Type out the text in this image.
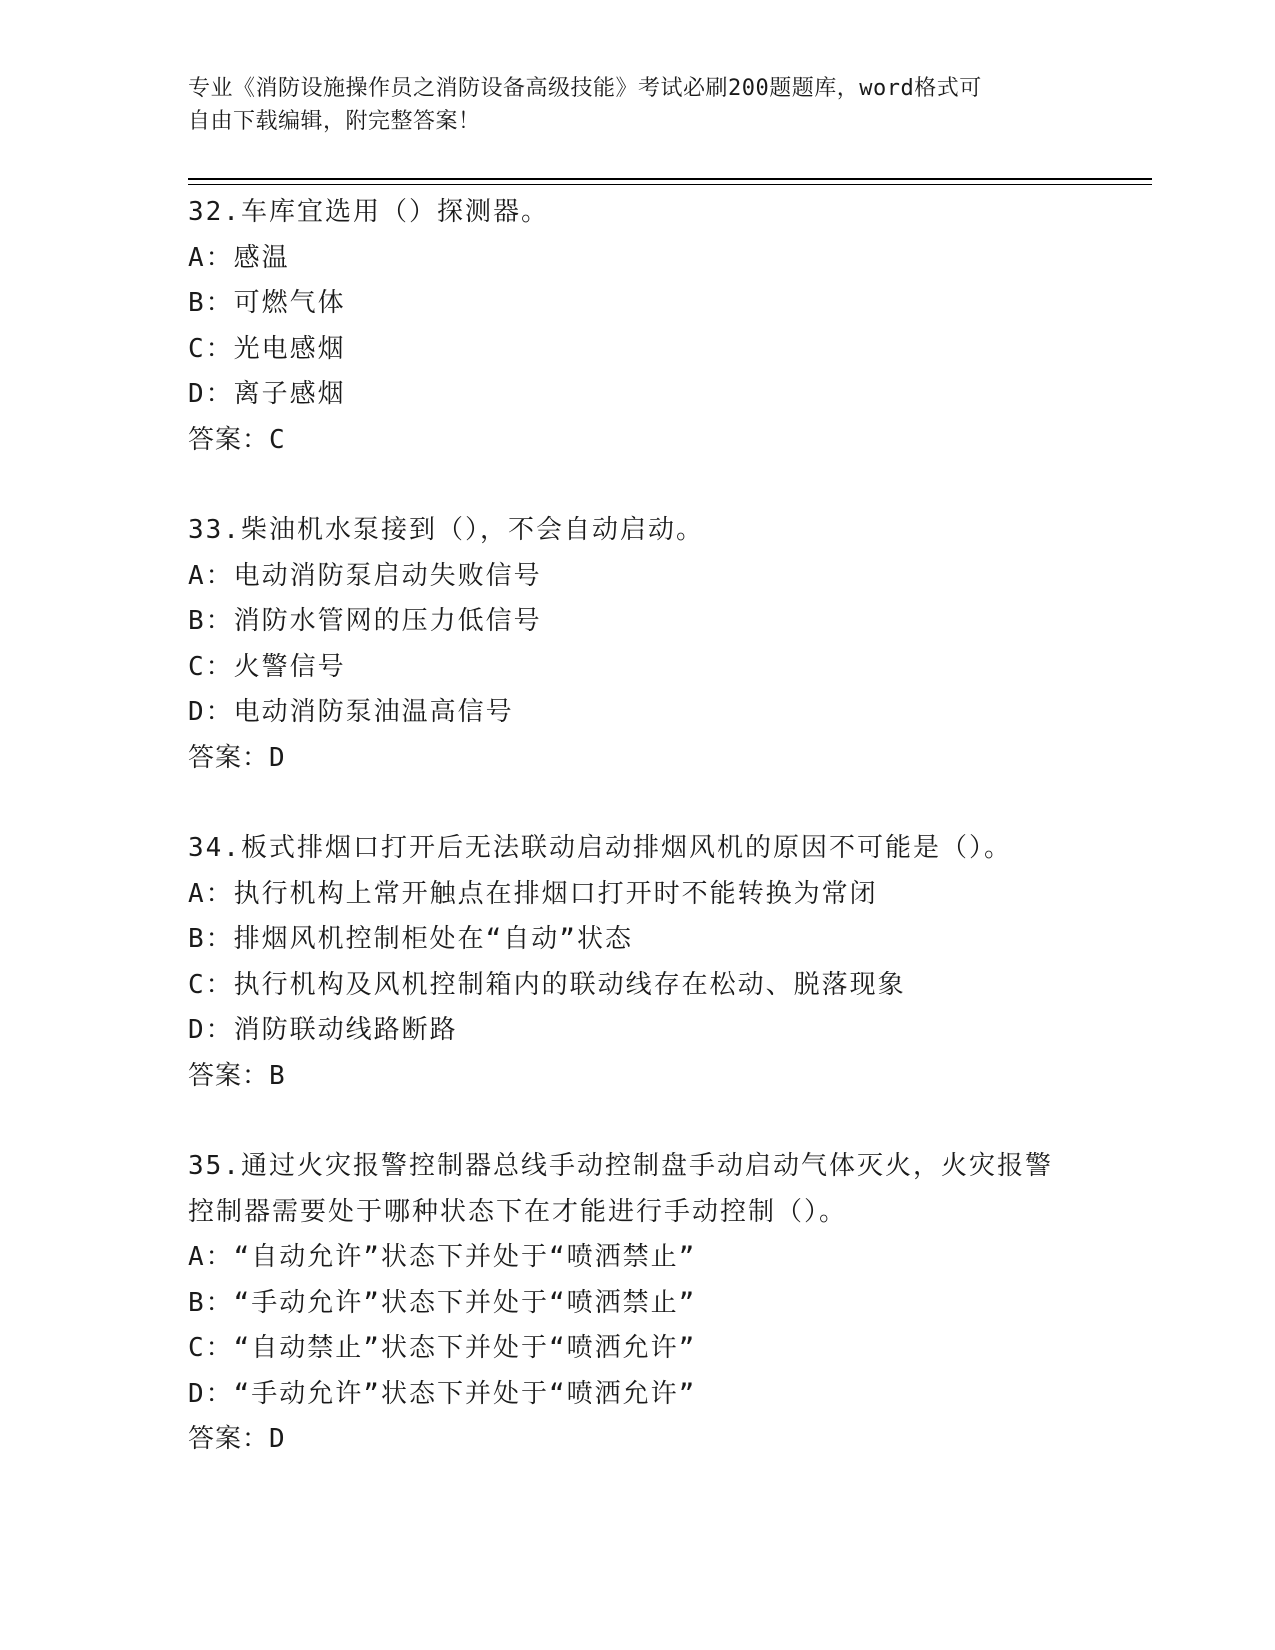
专业《消防设施操作员之消防设备高级技能》考试必刷200题题库，word格式可
自由下载编辑，附完整答案！
32.车库宜选用（）探测器。
A：感温
B：可燃气体
C：光电感烟
D：离子感烟
答案：C
33.柴油机水泵接到（），不会自动启动。
A：电动消防泵启动失败信号
B：消防水管网的压力低信号
C：火警信号
D：电动消防泵油温高信号
答案：D
34.板式排烟口打开后无法联动启动排烟风机的原因不可能是（）。
A：执行机构上常开触点在排烟口打开时不能转换为常闭
B：排烟风机控制柜处在“自动”状态
C：执行机构及风机控制箱内的联动线存在松动、脱落现象
D：消防联动线路断路
答案：B
35.通过火灾报警控制器总线手动控制盘手动启动气体灭火，火灾报警
控制器需要处于哪种状态下在才能进行手动控制（）。
A：“自动允许”状态下并处于“喷洒禁止”
B：“手动允许”状态下并处于“喷洒禁止”
C：“自动禁止”状态下并处于“喷洒允许”
D：“手动允许”状态下并处于“喷洒允许”
答案：D
